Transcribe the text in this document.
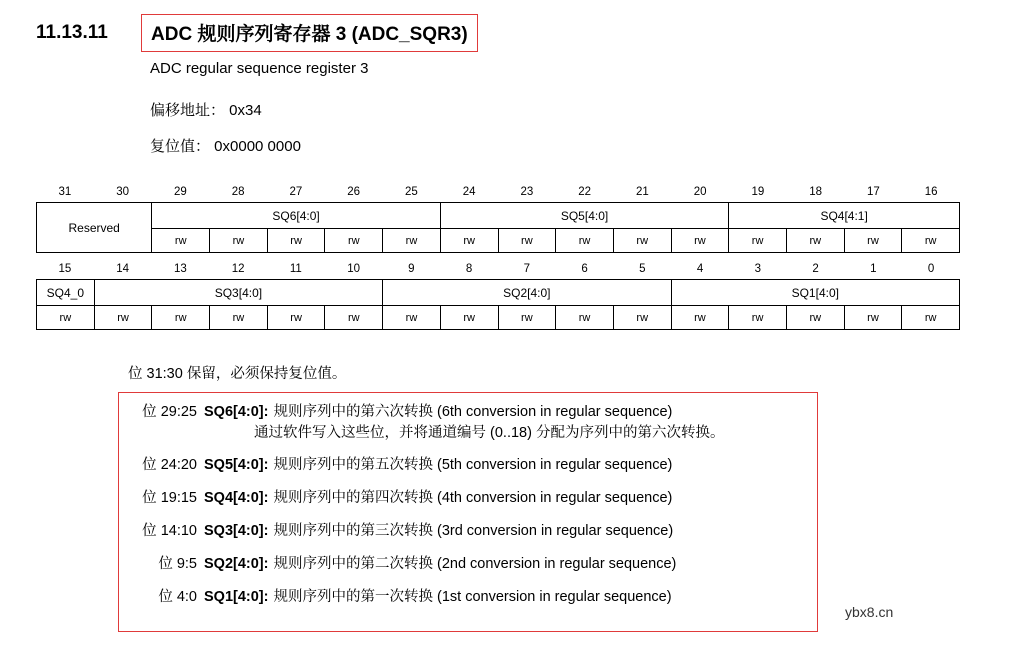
11.13.11	ADC 规则序列寄存器 3 (ADC_SQR3)
ADC regular sequence register 3
偏移地址： 0x34
复位值： 0x0000 0000
31	30	29	28	27	26	25	24	23	22	21	20	19	18	17	16
Reserved	SQ6[4:0]					SQ5[4:0]					SQ4[4:1]			
	rw	rw	rw	rw	rw	rw	rw	rw	rw	rw	rw	rw	rw	rw
15	14	13	12	11	10	9	8	7	6	5	4	3	2	1	0
SQ4_0	SQ3[4:0]					SQ2[4:0]					SQ1[4:0]				
rw	rw	rw	rw	rw	rw	rw	rw	rw	rw	rw	rw	rw	rw	rw	rw
位 31:30 保留，必须保持复位值。
位 29:25 SQ6[4:0]: 规则序列中的第六次转换 (6th conversion in regular sequence)
通过软件写入这些位，并将通道编号 (0..18) 分配为序列中的第六次转换。
位 24:20 SQ5[4:0]: 规则序列中的第五次转换 (5th conversion in regular sequence)
位 19:15 SQ4[4:0]: 规则序列中的第四次转换 (4th conversion in regular sequence)
位 14:10 SQ3[4:0]: 规则序列中的第三次转换 (3rd conversion in regular sequence)
位 9:5 SQ2[4:0]: 规则序列中的第二次转换 (2nd conversion in regular sequence)
位 4:0 SQ1[4:0]: 规则序列中的第一次转换 (1st conversion in regular sequence)
ybx8.cn
